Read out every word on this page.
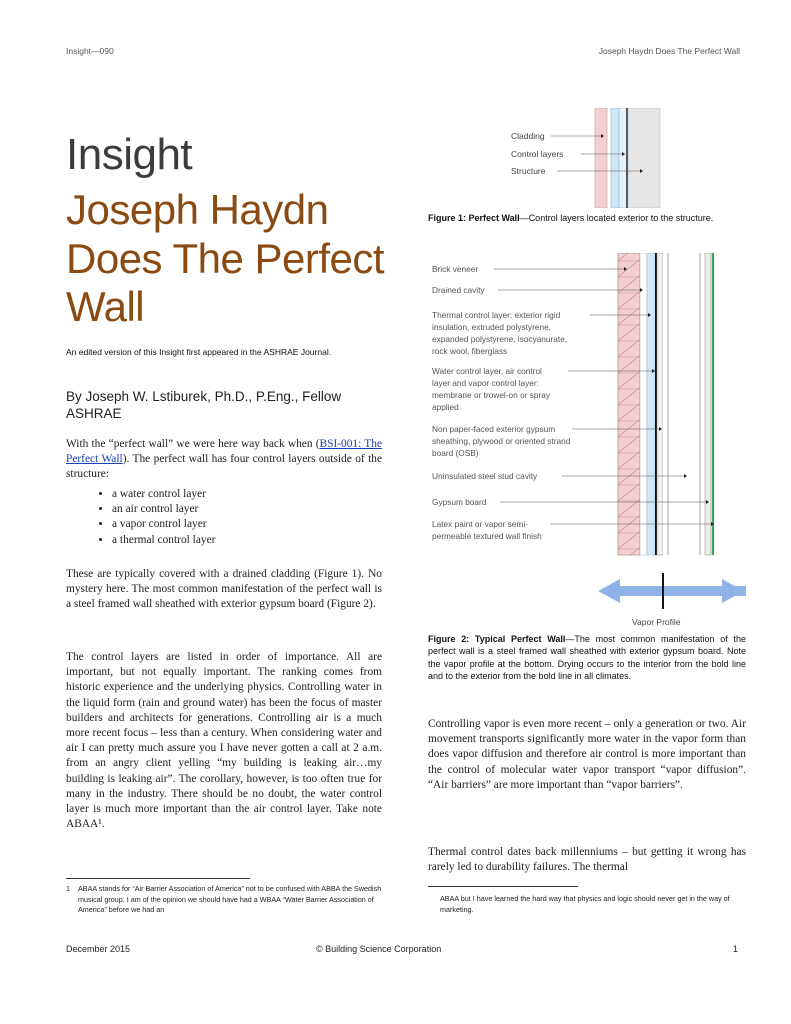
Insight—090	Joseph Haydn Does The Perfect Wall
Insight
Joseph Haydn Does The Perfect Wall
An edited version of this Insight first appeared in the ASHRAE Journal.
By Joseph W. Lstiburek, Ph.D., P.Eng., Fellow ASHRAE
With the “perfect wall” we were here way back when (BSI-001: The Perfect Wall). The perfect wall has four control layers outside of the structure:
• a water control layer
• an air control layer
• a vapor control layer
• a thermal control layer
These are typically covered with a drained cladding (Figure 1). No mystery here. The most common manifestation of the perfect wall is a steel framed wall sheathed with exterior gypsum board (Figure 2).
The control layers are listed in order of importance. All are important, but not equally important. The ranking comes from historic experience and the underlying physics. Controlling water in the liquid form (rain and ground water) has been the focus of master builders and architects for generations. Controlling air is a much more recent focus – less than a century. When considering water and air I can pretty much assure you I have never gotten a call at 2 a.m. from an angry client yelling “my building is leaking air…my building is leaking air”. The corollary, however, is too often true for many in the industry. There should be no doubt, the water control layer is much more important than the air control layer. Take note ABAA¹.
1 ABAA stands for “Air Barrier Association of America” not to be confused with ABBA the Swedish musical group. I am of the opinion we should have had a WBAA “Water Barrier Association of America” before we had an
Cladding
Control layers
Structure
Figure 1: Perfect Wall—Control layers located exterior to the structure.
Brick veneer
Drained cavity
Thermal control layer: exterior rigid insulation, extruded polystyrene, expanded polystyrene, isocyanurate, rock wool, fiberglass
Water control layer, air control layer and vapor control layer: membrane or trowel-on or spray applied
Non paper-faced exterior gypsum sheathing, plywood or oriented strand board (OSB)
Uninsulated steel stud cavity
Gypsum board
Latex paint or vapor semi- permeable textured wall finish
Vapor Profile
Figure 2: Typical Perfect Wall—The most common manifestation of the perfect wall is a steel framed wall sheathed with exterior gypsum board. Note the vapor profile at the bottom. Drying occurs to the interior from the bold line and to the exterior from the bold line in all climates.
Controlling vapor is even more recent – only a generation or two. Air movement transports significantly more water in the vapor form than does vapor diffusion and therefore air control is more important than the control of molecular water vapor transport “vapor diffusion”. “Air barriers” are more important than “vapor barriers”.
Thermal control dates back millenniums – but getting it wrong has rarely led to durability failures. The thermal
ABAA but I have learned the hard way that physics and logic should never get in the way of marketing.
December 2015	© Building Science Corporation	1
